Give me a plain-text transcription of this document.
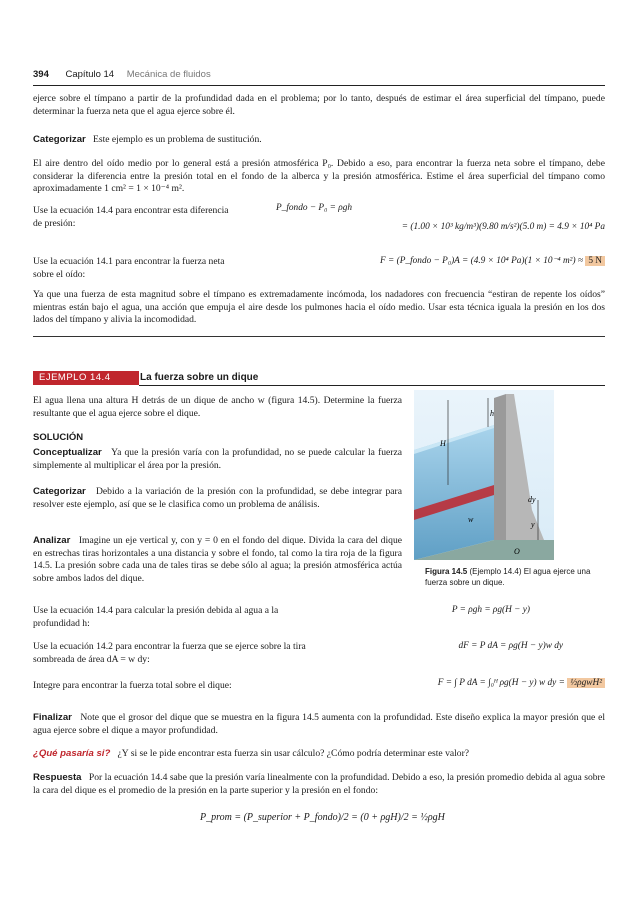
394 Capítulo 14 Mecánica de fluidos
ejerce sobre el tímpano a partir de la profundidad dada en el problema; por lo tanto, después de estimar el área superficial del tímpano, puede determinar la fuerza neta que el agua ejerce sobre él.
Categorizar Este ejemplo es un problema de sustitución.
El aire dentro del oído medio por lo general está a presión atmosférica P₀. Debido a eso, para encontrar la fuerza neta sobre el tímpano, debe considerar la diferencia entre la presión total en el fondo de la alberca y la presión atmosférica. Estime el área superficial del tímpano como aproximadamente 1 cm² = 1 × 10⁻⁴ m².
Use la ecuación 14.4 para encontrar esta diferencia de presión:
P_fondo − P₀ = ρgh
= (1.00 × 10³ kg/m³)(9.80 m/s²)(5.0 m) = 4.9 × 10⁴ Pa
Use la ecuación 14.1 para encontrar la fuerza neta sobre el oído:
F = (P_fondo − P₀)A = (4.9 × 10⁴ Pa)(1 × 10⁻⁴ m²) ≈ 5 N
Ya que una fuerza de esta magnitud sobre el tímpano es extremadamente incómoda, los nadadores con frecuencia “estiran de repente los oídos” mientras están bajo el agua, una acción que empuja el aire desde los pulmones hacia el oído medio. Usar esta técnica iguala la presión en los dos lados del tímpano y alivia la incomodidad.
EJEMPLO 14.4	La fuerza sobre un dique
El agua llena una altura H detrás de un dique de ancho w (figura 14.5). Determine la fuerza resultante que el agua ejerce sobre el dique.
SOLUCIÓN
Conceptualizar Ya que la presión varía con la profundidad, no se puede calcular la fuerza simplemente al multiplicar el área por la presión.
Categorizar Debido a la variación de la presión con la profundidad, se debe integrar para resolver este ejemplo, así que se le clasifica como un problema de análisis.
Analizar Imagine un eje vertical y, con y = 0 en el fondo del dique. Divida la cara del dique en estrechas tiras horizontales a una distancia y sobre el fondo, tal como la tira roja de la figura 14.5. La presión sobre cada una de tales tiras se debe sólo al agua; la presión atmosférica actúa sobre ambos lados del dique.
h
H
dy
y
w
O
Figura 14.5 (Ejemplo 14.4) El agua ejerce una fuerza sobre un dique.
Use la ecuación 14.4 para calcular la presión debida al agua a la profundidad h:
P = ρgh = ρg(H − y)
Use la ecuación 14.2 para encontrar la fuerza que se ejerce sobre la tira sombreada de área dA = w dy:
dF = P dA = ρg(H − y)w dy
Integre para encontrar la fuerza total sobre el dique:	F = ∫ P dA = ∫₀ᴴ ρg(H − y) w dy = ½ρgwH²
Finalizar Note que el grosor del dique que se muestra en la figura 14.5 aumenta con la profundidad. Este diseño explica la mayor presión que el agua ejerce sobre el dique a mayor profundidad.
¿Qué pasaría si? ¿Y si se le pide encontrar esta fuerza sin usar cálculo? ¿Cómo podría determinar este valor?
Respuesta Por la ecuación 14.4 sabe que la presión varía linealmente con la profundidad. Debido a eso, la presión promedio debida al agua sobre la cara del dique es el promedio de la presión en la parte superior y la presión en el fondo:
P_prom = (P_superior + P_fondo)/2 = (0 + ρgH)/2 = ½ρgH
